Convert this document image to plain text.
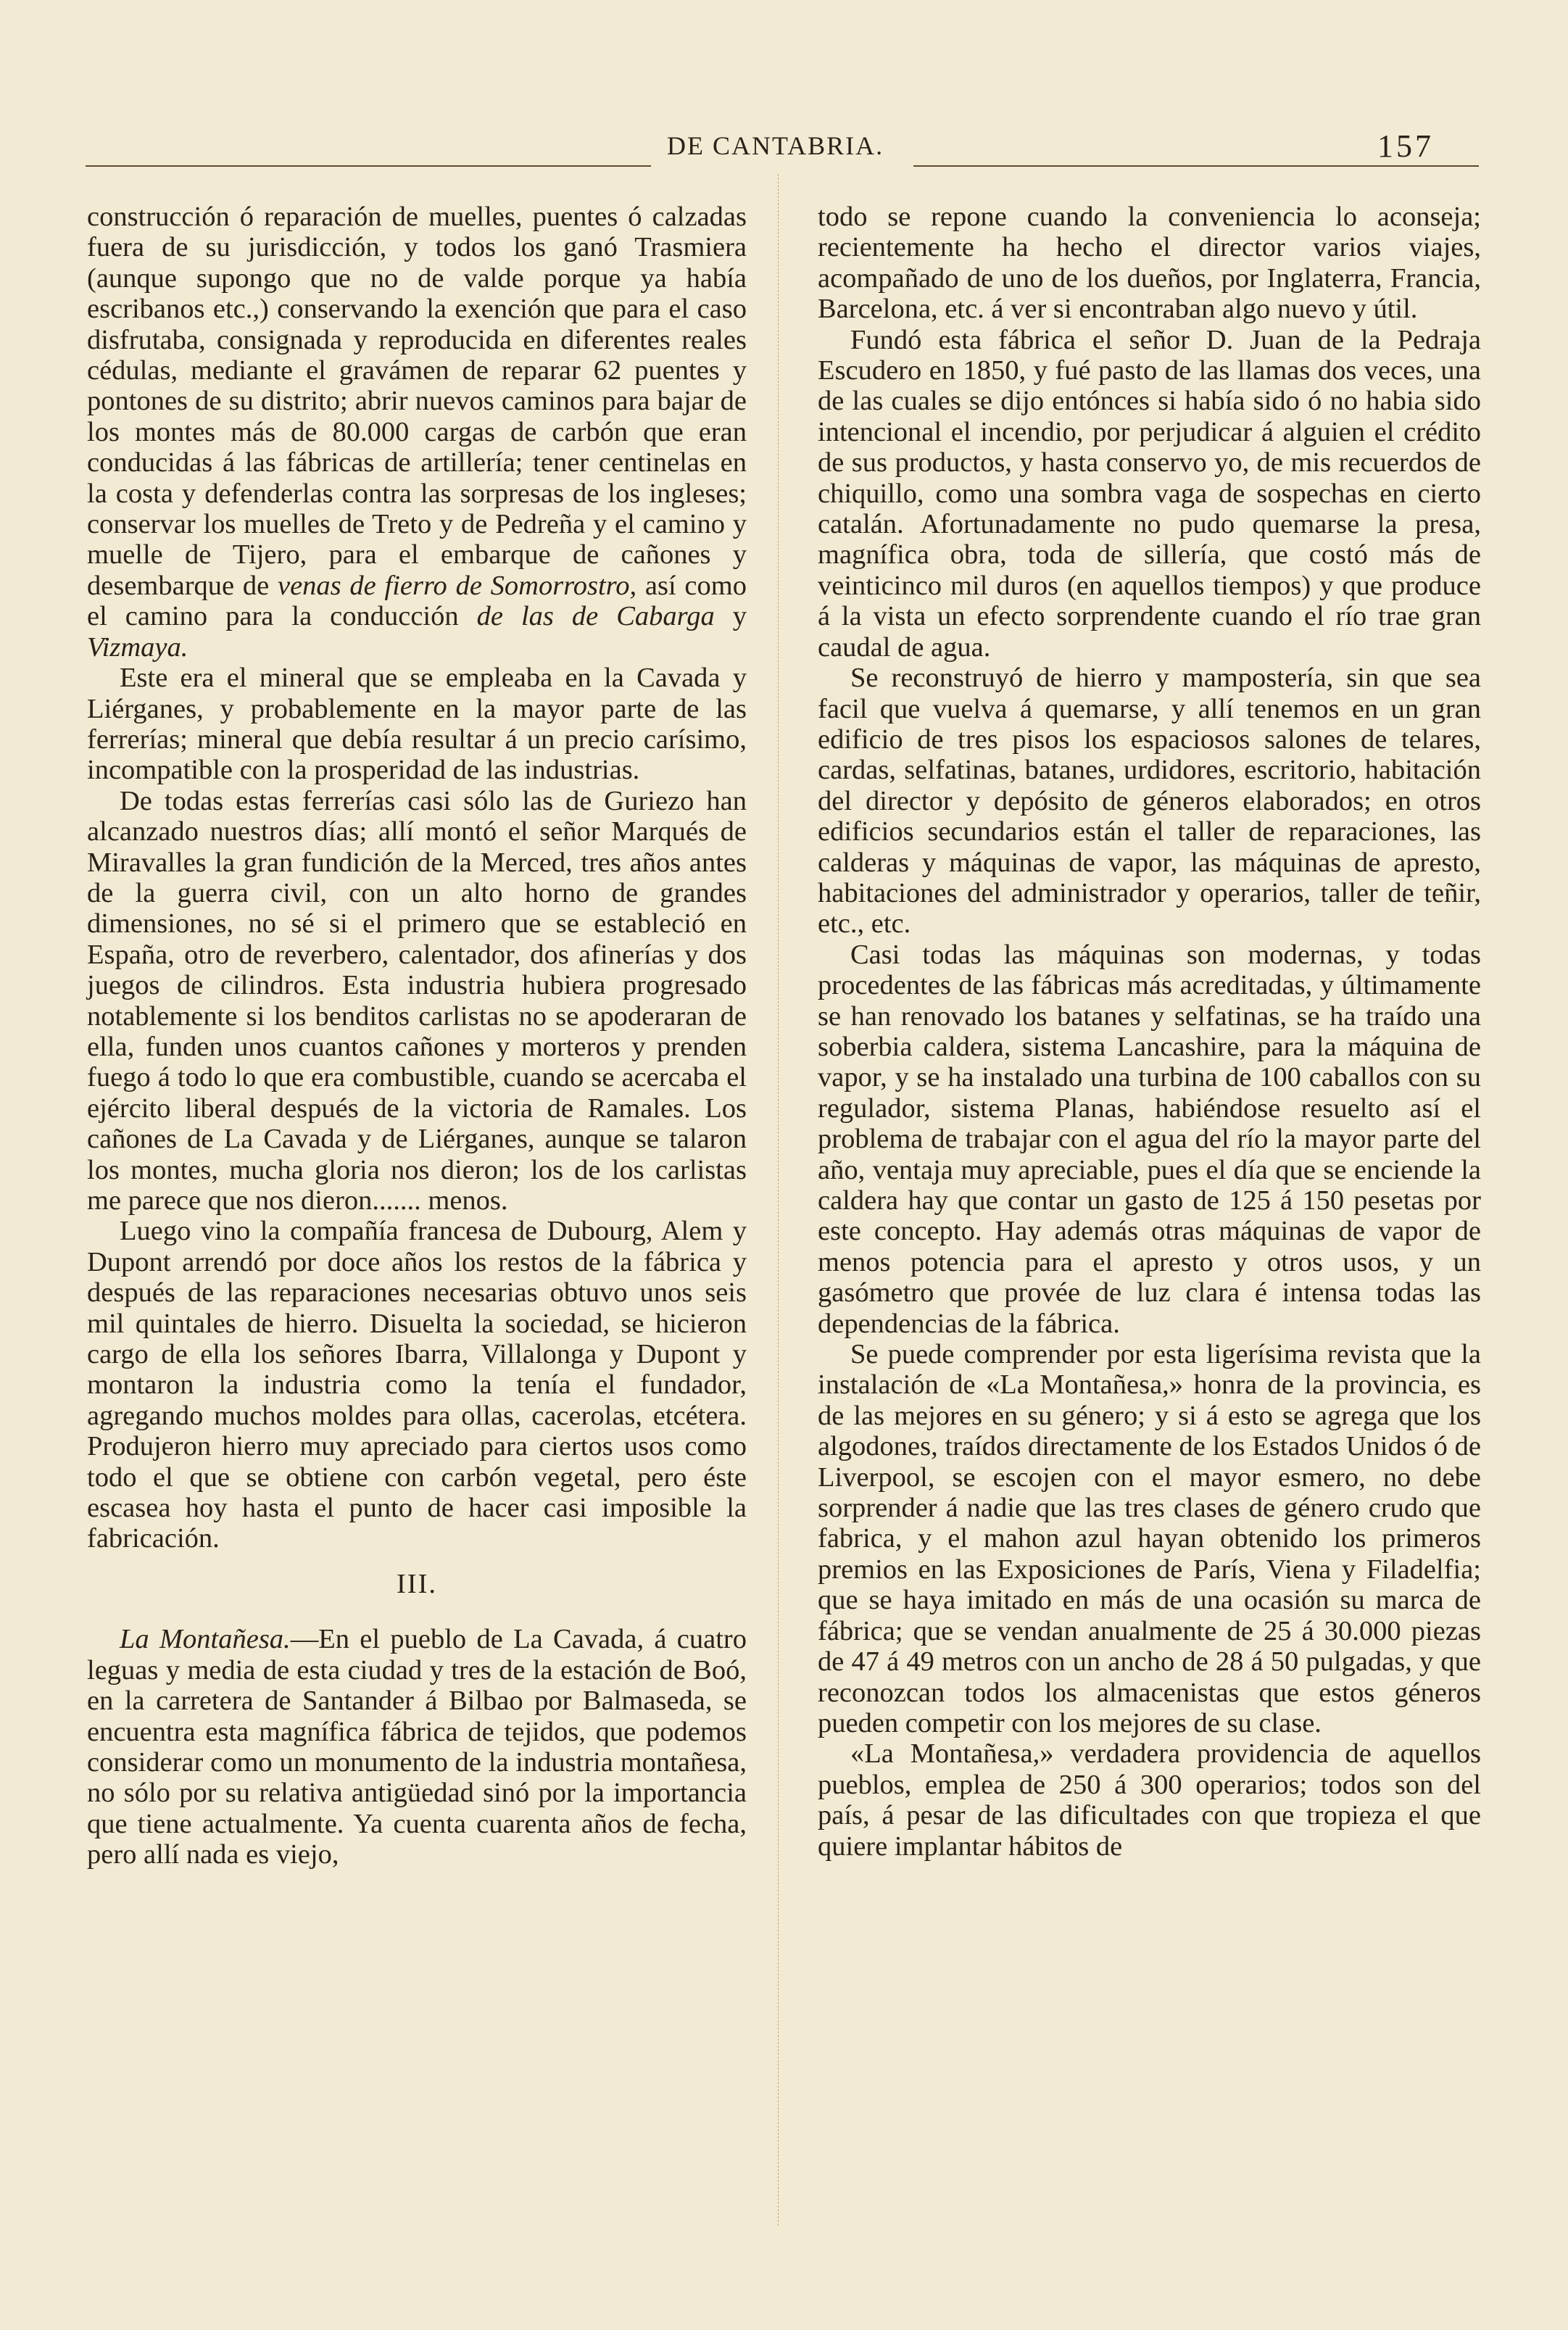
DE CANTABRIA.	157

construcción ó reparación de muelles, puentes ó calzadas fuera de su jurisdicción, y todos los ganó Trasmiera (aunque supongo que no de valde porque ya había escribanos etc.,) conservando la exención que para el caso disfrutaba, consignada y reproducida en diferentes reales cédulas, mediante el gravámen de reparar 62 puentes y pontones de su distrito; abrir nuevos caminos para bajar de los montes más de 80.000 cargas de carbón que eran conducidas á las fábricas de artillería; tener centinelas en la costa y defenderlas contra las sorpresas de los ingleses; conservar los muelles de Treto y de Pedreña y el camino y muelle de Tijero, para el embarque de cañones y desembarque de venas de fierro de Somorrostro, así como el camino para la conducción de las de Cabarga y Vizmaya.

Este era el mineral que se empleaba en la Cavada y Liérganes, y probablemente en la mayor parte de las ferrerías; mineral que debía resultar á un precio carísimo, incompatible con la prosperidad de las industrias.

De todas estas ferrerías casi sólo las de Guriezo han alcanzado nuestros días; allí montó el señor Marqués de Miravalles la gran fundición de la Merced, tres años antes de la guerra civil, con un alto horno de grandes dimensiones, no sé si el primero que se estableció en España, otro de reverbero, calentador, dos afinerías y dos juegos de cilindros. Esta industria hubiera progresado notablemente si los benditos carlistas no se apoderaran de ella, funden unos cuantos cañones y morteros y prenden fuego á todo lo que era combustible, cuando se acercaba el ejército liberal después de la victoria de Ramales. Los cañones de La Cavada y de Liérganes, aunque se talaron los montes, mucha gloria nos dieron; los de los carlistas me parece que nos dieron....... menos.

Luego vino la compañía francesa de Dubourg, Alem y Dupont arrendó por doce años los restos de la fábrica y después de las reparaciones necesarias obtuvo unos seis mil quintales de hierro. Disuelta la sociedad, se hicieron cargo de ella los señores Ibarra, Villalonga y Dupont y montaron la industria como la tenía el fundador, agregando muchos moldes para ollas, cacerolas, etcétera. Produjeron hierro muy apreciado para ciertos usos como todo el que se obtiene con carbón vegetal, pero éste escasea hoy hasta el punto de hacer casi imposible la fabricación.

III.

La Montañesa.—En el pueblo de La Cavada, á cuatro leguas y media de esta ciudad y tres de la estación de Boó, en la carretera de Santander á Bilbao por Balmaseda, se encuentra esta magnífica fábrica de tejidos, que podemos considerar como un monumento de la industria montañesa, no sólo por su relativa antigüedad sinó por la importancia que tiene actualmente. Ya cuenta cuarenta años de fecha, pero allí nada es viejo,

todo se repone cuando la conveniencia lo aconseja; recientemente ha hecho el director varios viajes, acompañado de uno de los dueños, por Inglaterra, Francia, Barcelona, etc. á ver si encontraban algo nuevo y útil.

Fundó esta fábrica el señor D. Juan de la Pedraja Escudero en 1850, y fué pasto de las llamas dos veces, una de las cuales se dijo entónces si había sido ó no habia sido intencional el incendio, por perjudicar á alguien el crédito de sus productos, y hasta conservo yo, de mis recuerdos de chiquillo, como una sombra vaga de sospechas en cierto catalán. Afortunadamente no pudo quemarse la presa, magnífica obra, toda de sillería, que costó más de veinticinco mil duros (en aquellos tiempos) y que produce á la vista un efecto sorprendente cuando el río trae gran caudal de agua.

Se reconstruyó de hierro y mampostería, sin que sea facil que vuelva á quemarse, y allí tenemos en un gran edificio de tres pisos los espaciosos salones de telares, cardas, selfatinas, batanes, urdidores, escritorio, habitación del director y depósito de géneros elaborados; en otros edificios secundarios están el taller de reparaciones, las calderas y máquinas de vapor, las máquinas de apresto, habitaciones del administrador y operarios, taller de teñir, etc., etc.

Casi todas las máquinas son modernas, y todas procedentes de las fábricas más acreditadas, y últimamente se han renovado los batanes y selfatinas, se ha traído una soberbia caldera, sistema Lancashire, para la máquina de vapor, y se ha instalado una turbina de 100 caballos con su regulador, sistema Planas, habiéndose resuelto así el problema de trabajar con el agua del río la mayor parte del año, ventaja muy apreciable, pues el día que se enciende la caldera hay que contar un gasto de 125 á 150 pesetas por este concepto. Hay además otras máquinas de vapor de menos potencia para el apresto y otros usos, y un gasómetro que provée de luz clara é intensa todas las dependencias de la fábrica.

Se puede comprender por esta ligerísima revista que la instalación de «La Montañesa,» honra de la provincia, es de las mejores en su género; y si á esto se agrega que los algodones, traídos directamente de los Estados Unidos ó de Liverpool, se escojen con el mayor esmero, no debe sorprender á nadie que las tres clases de género crudo que fabrica, y el mahon azul hayan obtenido los primeros premios en las Exposiciones de París, Viena y Filadelfia; que se haya imitado en más de una ocasión su marca de fábrica; que se vendan anualmente de 25 á 30.000 piezas de 47 á 49 metros con un ancho de 28 á 50 pulgadas, y que reconozcan todos los almacenistas que estos géneros pueden competir con los mejores de su clase.

«La Montañesa,» verdadera providencia de aquellos pueblos, emplea de 250 á 300 operarios; todos son del país, á pesar de las dificultades con que tropieza el que quiere implantar hábitos de
